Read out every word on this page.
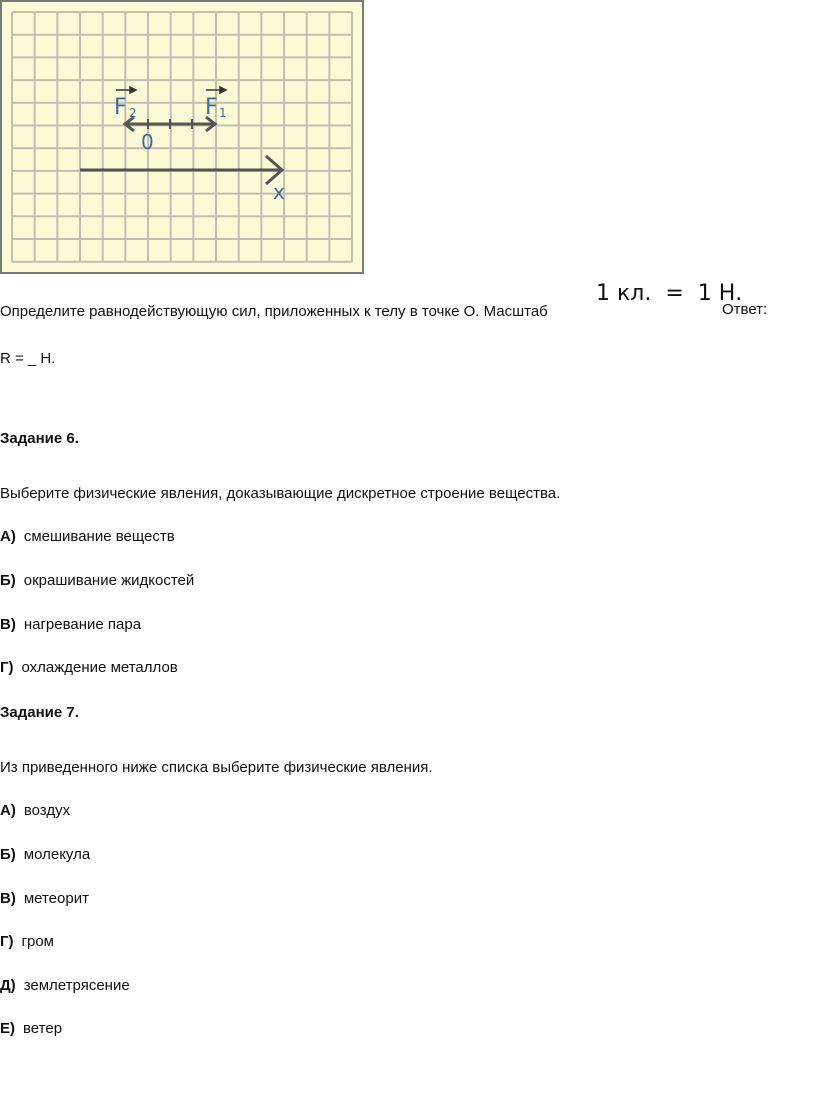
F 2	F 1
0
x
Определите равнодействующую сил, приложенных к телу в точке О. Масштаб
1 кл.  =  1 Н.
Ответ:
R = _ Н.
Задание 6.
Выберите физические явления, доказывающие дискретное строение вещества.
А) смешивание веществ
Б) окрашивание жидкостей
В) нагревание пара
Г) охлаждение металлов
Задание 7.
Из приведенного ниже списка выберите физические явления.
А) воздух
Б) молекула
В) метеорит
Г) гром
Д) землетрясение
Е) ветер
